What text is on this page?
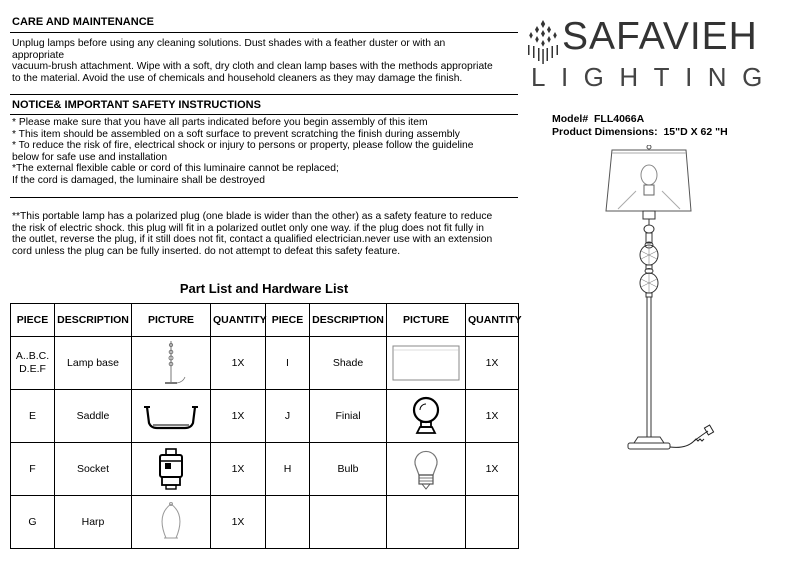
CARE AND MAINTENANCE
Unplug lamps before using any cleaning solutions. Dust shades with a feather duster or with an
appropriate
vacuum-brush attachment. Wipe with a soft, dry cloth and clean lamp bases with the methods appropriate
to the material. Avoid the use of chemicals and household cleaners as they may damage the finish.
NOTICE& IMPORTANT SAFETY INSTRUCTIONS
* Please make sure that you have all parts indicated before you begin assembly of this item
* This item should be assembled on a soft surface to prevent scratching the finish during assembly
* To reduce the risk of fire, electrical shock or injury to persons or property, please follow the guideline
below for safe use and installation
*The external flexible cable or cord of this luminaire cannot be replaced;
If the cord is damaged, the luminaire shall be destroyed
**This portable lamp has a polarized plug (one blade is wider than the other) as a safety feature to reduce
the risk of electric shock. this plug will fit in a polarized outlet only one way. if the plug does not fit fully in
the outlet, reverse the plug, if it still does not fit, contact a qualified electrician.never use with an extension
cord unless the plug can be fully inserted. do not attempt to defeat this safety feature.
Part List and Hardware List
PIECE	DESCRIPTION	PICTURE	QUANTITY	PIECE	DESCRIPTION	PICTURE	QUANTITY
A..B.C.D.E.F	Lamp base		1X	I	Shade		1X
E	Saddle		1X	J	Finial		1X
F	Socket		1X	H	Bulb		1X
G	Harp		1X				
SAFAVIEH
LIGHTING
Model# FLL4066A
Product Dimensions: 15"D X 62 "H
